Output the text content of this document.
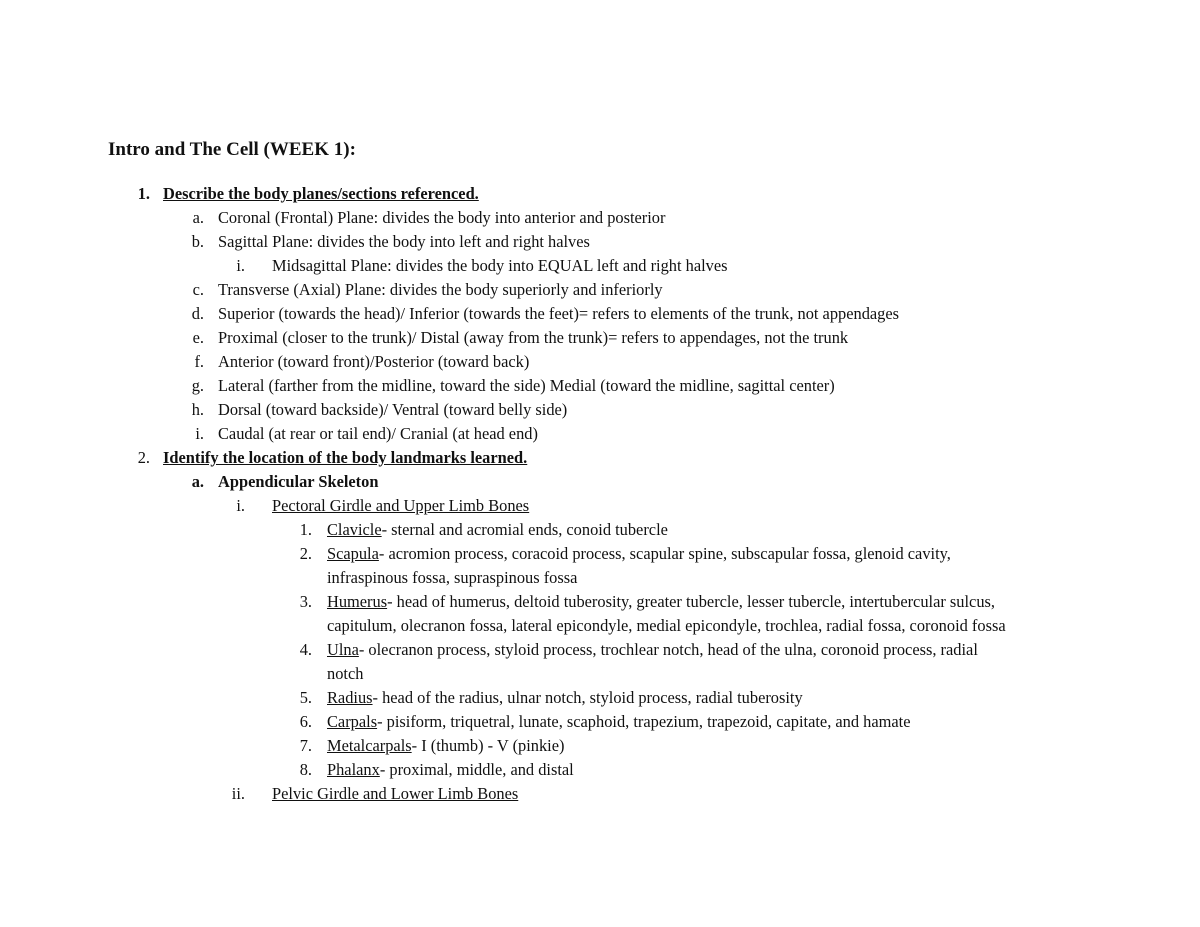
Intro and The Cell (WEEK 1):
1. Describe the body planes/sections referenced.
a. Coronal (Frontal) Plane: divides the body into anterior and posterior
b. Sagittal Plane: divides the body into left and right halves
i. Midsagittal Plane: divides the body into EQUAL left and right halves
c. Transverse (Axial) Plane: divides the body superiorly and inferiorly
d. Superior (towards the head)/ Inferior (towards the feet)= refers to elements of the trunk, not appendages
e. Proximal (closer to the trunk)/ Distal (away from the trunk)= refers to appendages, not the trunk
f. Anterior (toward front)/Posterior (toward back)
g. Lateral (farther from the midline, toward the side) Medial (toward the midline, sagittal center)
h. Dorsal (toward backside)/ Ventral (toward belly side)
i. Caudal (at rear or tail end)/ Cranial (at head end)
2. Identify the location of the body landmarks learned.
a. Appendicular Skeleton
i. Pectoral Girdle and Upper Limb Bones
1. Clavicle- sternal and acromial ends, conoid tubercle
2. Scapula- acromion process, coracoid process, scapular spine, subscapular fossa, glenoid cavity,
infraspinous fossa, supraspinous fossa
3. Humerus- head of humerus, deltoid tuberosity, greater tubercle, lesser tubercle, intertubercular sulcus,
capitulum, olecranon fossa, lateral epicondyle, medial epicondyle, trochlea, radial fossa, coronoid fossa
4. Ulna- olecranon process, styloid process, trochlear notch, head of the ulna, coronoid process, radial
notch
5. Radius- head of the radius, ulnar notch, styloid process, radial tuberosity
6. Carpals- pisiform, triquetral, lunate, scaphoid, trapezium, trapezoid, capitate, and hamate
7. Metalcarpals- I (thumb) - V (pinkie)
8. Phalanx- proximal, middle, and distal
ii. Pelvic Girdle and Lower Limb Bones
